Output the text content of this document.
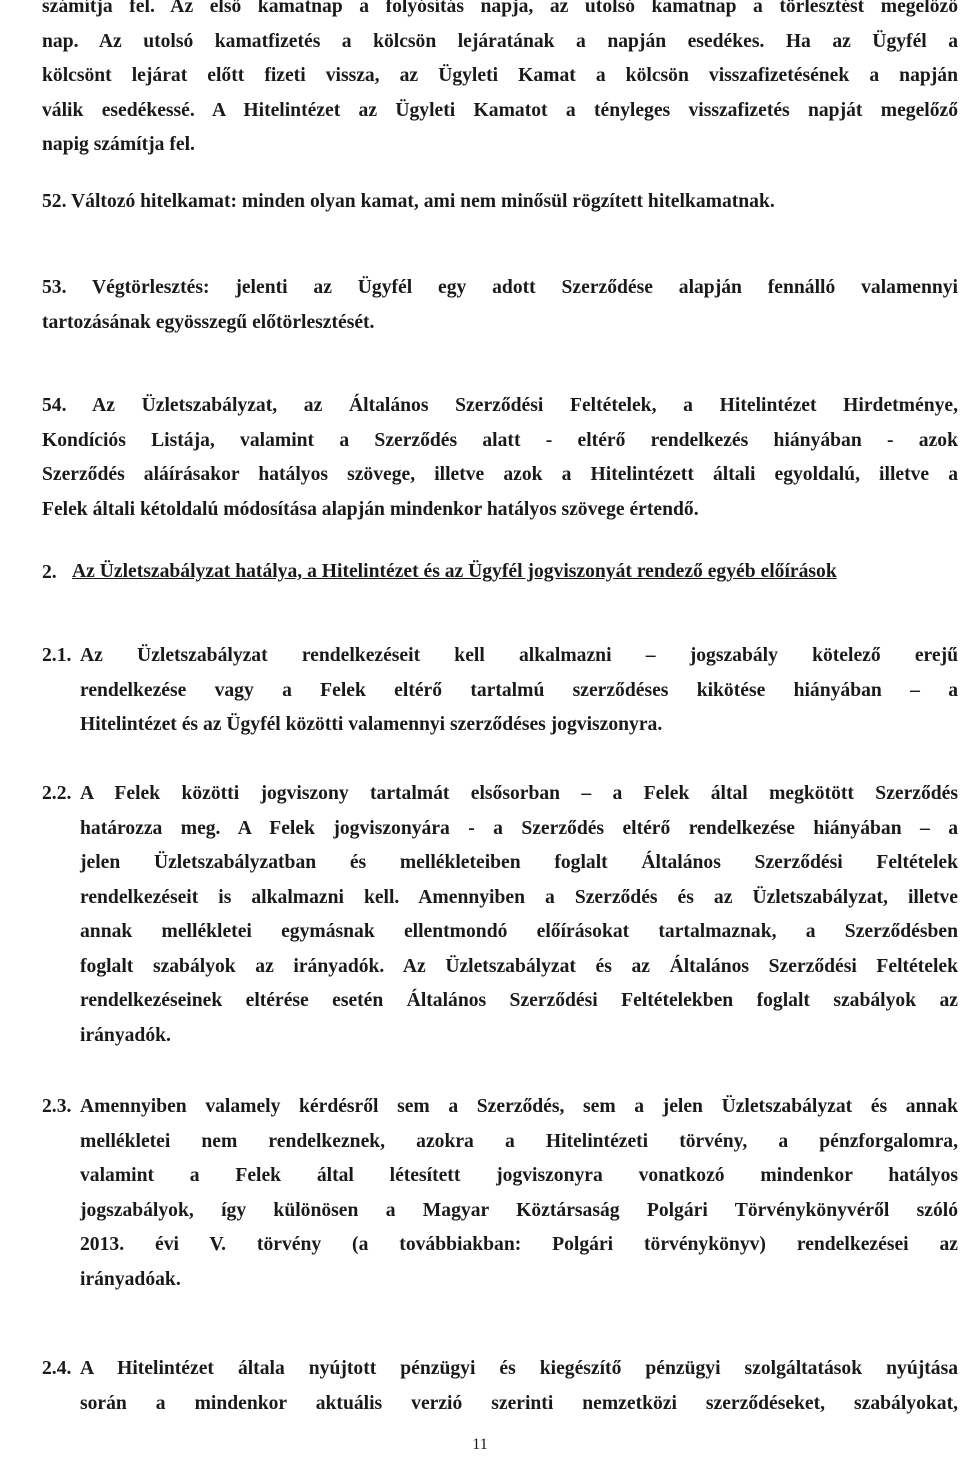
számítja fel. Az első kamatnap a folyósítás napja, az utolsó kamatnap a törlesztést megelőző
nap. Az utolsó kamatfizetés a kölcsön lejáratának a napján esedékes. Ha az Ügyfél a
kölcsönt lejárat előtt fizeti vissza, az Ügyleti Kamat a kölcsön visszafizetésének a napján
válik esedékessé. A Hitelintézet az Ügyleti Kamatot a tényleges visszafizetés napját megelőző
napig számítja fel.
52. Változó hitelkamat: minden olyan kamat, ami nem minősül rögzített hitelkamatnak.
53. Végtörlesztés: jelenti az Ügyfél egy adott Szerződése alapján fennálló valamennyi
tartozásának egyösszegű előtörlesztését.
54. Az Üzletszabályzat, az Általános Szerződési Feltételek, a Hitelintézet Hirdetménye,
Kondíciós Listája, valamint a Szerződés alatt - eltérő rendelkezés hiányában - azok
Szerződés aláírásakor hatályos szövege, illetve azok a Hitelintézett általi egyoldalú, illetve a
Felek általi kétoldalú módosítása alapján mindenkor hatályos szövege értendő.
2. Az Üzletszabályzat hatálya, a Hitelintézet és az Ügyfél jogviszonyát rendező egyéb előírások
2.1. Az Üzletszabályzat rendelkezéseit kell alkalmazni – jogszabály kötelező erejű
rendelkezése vagy a Felek eltérő tartalmú szerződéses kikötése hiányában – a
Hitelintézet és az Ügyfél közötti valamennyi szerződéses jogviszonyra.
2.2. A Felek közötti jogviszony tartalmát elsősorban – a Felek által megkötött Szerződés
határozza meg. A Felek jogviszonyára - a Szerződés eltérő rendelkezése hiányában – a
jelen Üzletszabályzatban és mellékleteiben foglalt Általános Szerződési Feltételek
rendelkezéseit is alkalmazni kell. Amennyiben a Szerződés és az Üzletszabályzat, illetve
annak mellékletei egymásnak ellentmondó előírásokat tartalmaznak, a Szerződésben
foglalt szabályok az irányadók. Az Üzletszabályzat és az Általános Szerződési Feltételek
rendelkezéseinek eltérése esetén Általános Szerződési Feltételekben foglalt szabályok az
irányadók.
2.3. Amennyiben valamely kérdésről sem a Szerződés, sem a jelen Üzletszabályzat és annak
mellékletei nem rendelkeznek, azokra a Hitelintézeti törvény, a pénzforgalomra,
valamint a Felek által létesített jogviszonyra vonatkozó mindenkor hatályos
jogszabályok, így különösen a Magyar Köztársaság Polgári Törvénykönyvéről szóló
2013. évi V. törvény (a továbbiakban: Polgári törvénykönyv) rendelkezései az
irányadóak.
2.4. A Hitelintézet általa nyújtott pénzügyi és kiegészítő pénzügyi szolgáltatások nyújtása
során a mindenkor aktuális verzió szerinti nemzetközi szerződéseket, szabályokat,
11
